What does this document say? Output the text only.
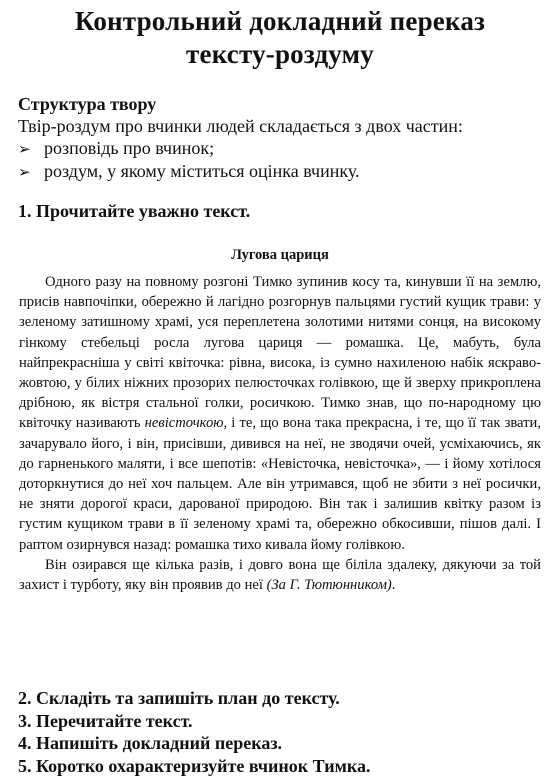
Контрольний докладний переказ
тексту-роздуму
Структура твору
Твір-роздум про вчинки людей складається з двох частин:
➢ розповідь про вчинок;
➢ роздум, у якому міститься оцінка вчинку.
1. Прочитайте уважно текст.
Лугова цариця

Одного разу на повному розгоні Тимко зупинив косу та, кинувши її на землю, присів навпочіпки, обережно й лагідно розгорнув пальцями густий кущик трави: у зеленому затишному храмі, уся переплетена золотими нитями сонця, на високому гінкому стебельці росла лугова цариця — ромашка. Це, мабуть, була найпрекрасніша у світі квіточка: рівна, висока, із сумно нахиленою набік яскраво-жовтою, у білих ніжних прозорих пелюсточках голівкою, ще й зверху прикроплена дрібною, як вістря стальної голки, росичкою. Тимко знав, що по-народному цю квіточку називають невісточкою, і те, що вона така прекрасна, і те, що її так звати, зачарувало його, і він, присівши, дивився на неї, не зводячи очей, усміхаючись, як до гарненького маляти, і все шепотів: «Невісточка, невісточка», — і йому хотілося доторкнутися до неї хоч пальцем. Але він утримався, щоб не збити з неї росички, не зняти дорогої краси, дарованої природою. Він так і залишив квітку разом із густим кущиком трави в її зеленому храмі та, обережно обкосивши, пішов далі. І раптом озирнувся назад: ромашка тихо кивала йому голівкою.

Він озирався ще кілька разів, і довго вона ще біліла здалеку, дякуючи за той захист і турботу, яку він проявив до неї (За Г. Тютюнником).

2. Складіть та запишіть план до тексту.
3. Перечитайте текст.
4. Напишіть докладний переказ.
5. Коротко охарактеризуйте вчинок Тимка.
